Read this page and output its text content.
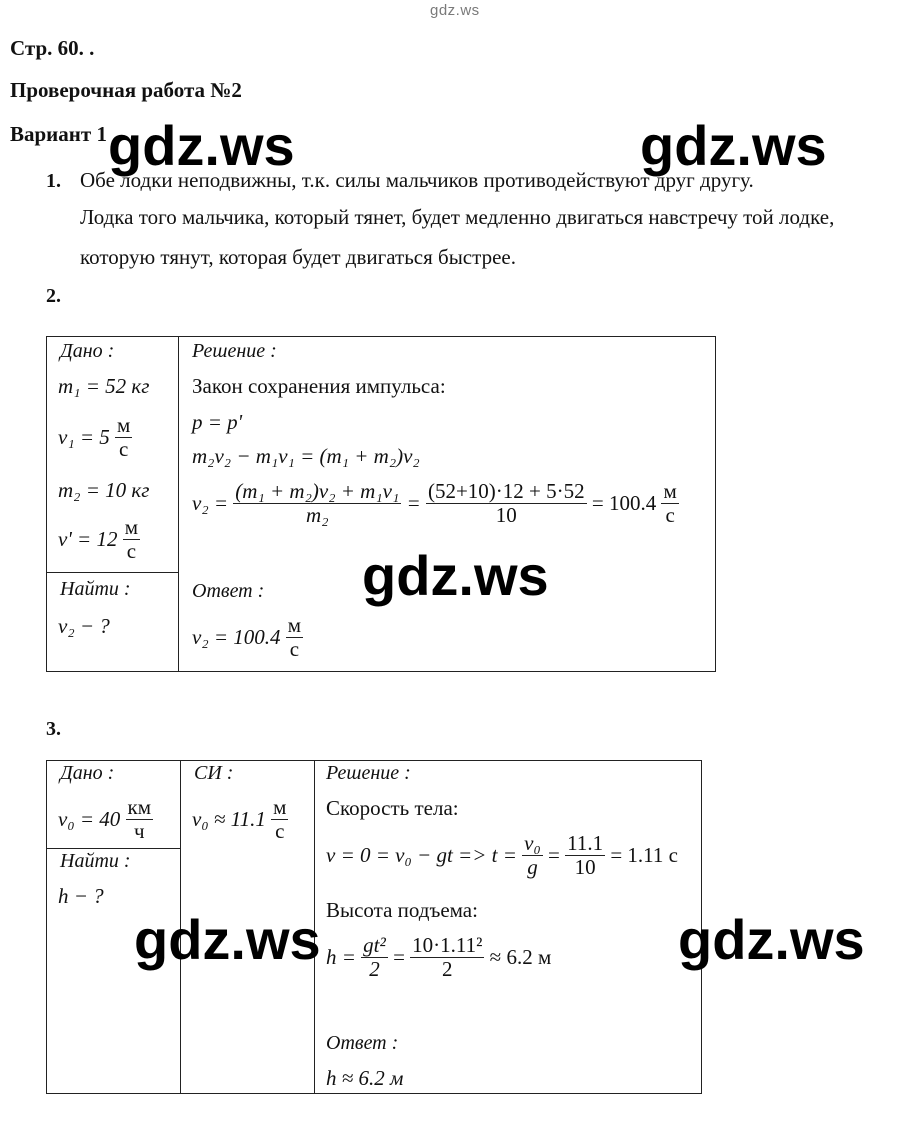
gdz.ws
Стр. 60. .
Проверочная работа №2
Вариант 1
1. Обе лодки неподвижны, т.к. силы мальчиков противодействуют друг другу.
Лодка того мальчика, который тянет, будет медленно двигаться навстречу той лодке,
которую тянут, которая будет двигаться быстрее.
2.
Дано :
m₁ = 52 кг
v₁ = 5
$\frac{м}{с}$
m₂ = 10 кг
v' = 12
$\frac{м}{с}$
Найти :
v₂ − ?
Решение :
Закон сохранения импульса:
p = p'
m₂v₂ − m₁v₁ = (m₁ + m₂)v₂
v₂ =
$\frac{\text{(m₁ + m₂)v₂ + m₁v₁}}{\text{m₂}}$
=
$\frac{(52+10)\cdot 12 + 5\cdot 52}{10}$
= 100.4
$\frac{м}{с}$
Ответ :
v₂ = 100.4
$\frac{м}{с}$
3.
Дано :
v₀ = 40
$\frac{км}{ч}$
Найти :
h − ?
СИ :
v₀ ≈ 11.1
$\frac{м}{с}$
Решение :
Скорость тела:
v = 0 = v₀ − gt => t =
$\frac{\text{v₀}}{g}$
=
$\frac{11.1}{10}$
= 1.11 с
Высота подъема:
h =
$\frac{\text{gt²}}{2}$
=
$\frac{\text{10·1.11²}}{2}$
≈ 6.2 м
Ответ :
h ≈ 6.2 м
gdz.ws	gdz.ws
gdz.ws
gdz.ws	gdz.ws
